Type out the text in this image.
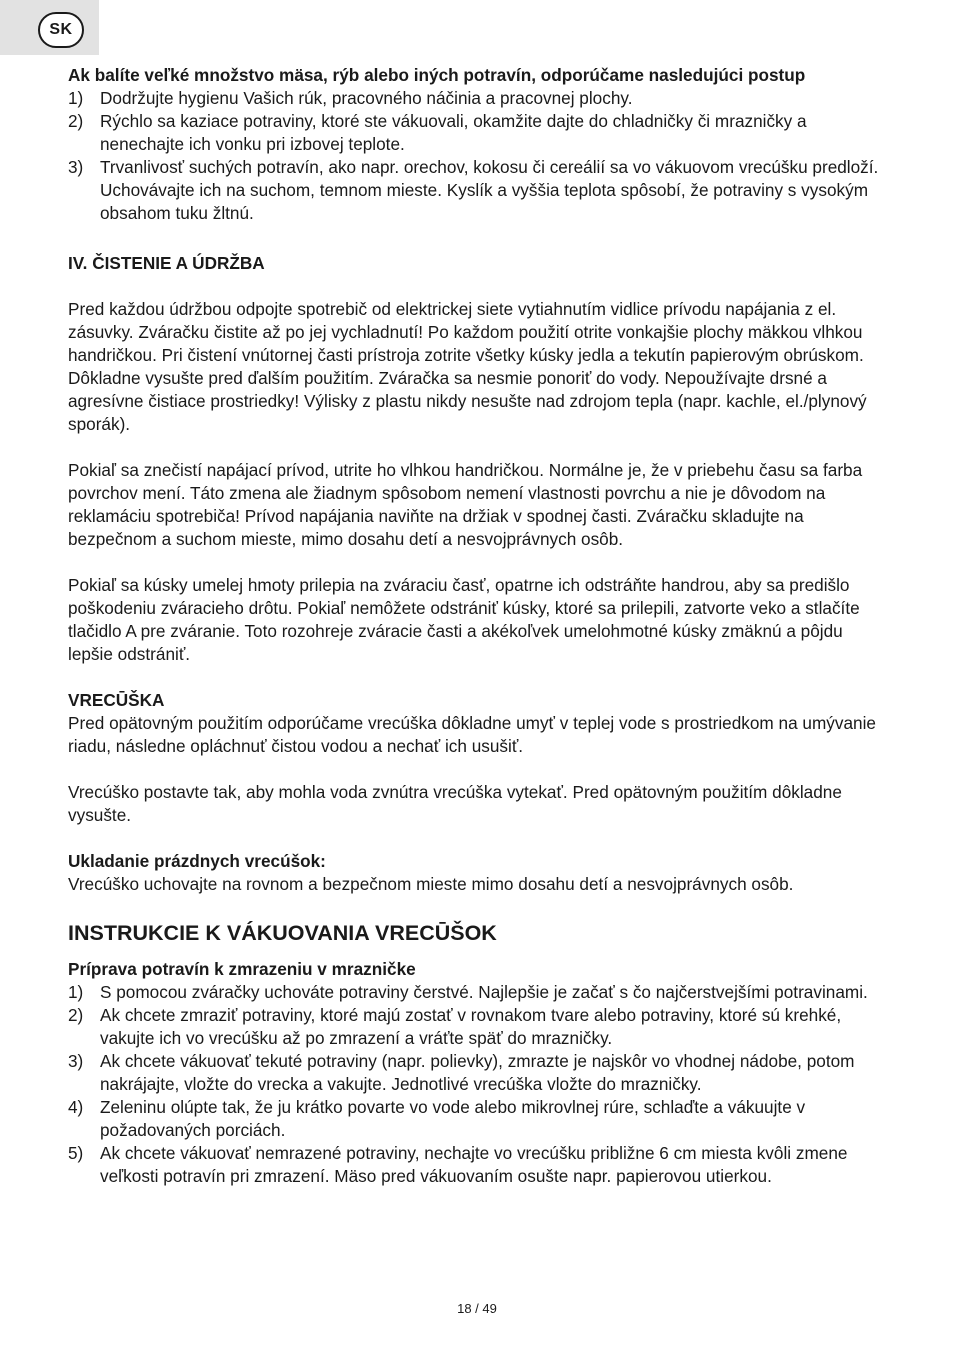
SK

Ak balíte veľké množstvo mäsa, rýb alebo iných potravín, odporúčame nasledujúci postup

1) Dodržujte hygienu Vašich rúk, pracovného náčinia a pracovnej plochy.
2) Rýchlo sa kaziace potraviny, ktoré ste vákuovali, okamžite dajte do chladničky či mrazničky a nenechajte ich vonku pri izbovej teplote.
3) Trvanlivosť suchých potravín, ako napr. orechov, kokosu či cereálií sa vo vákuovom vrecúšku predloží. Uchovávajte ich na suchom, temnom mieste. Kyslík a vyššia teplota spôsobí, že potraviny s vysokým obsahom tuku žltnú.

IV. ČISTENIE A ÚDRŽBA

Pred každou údržbou odpojte spotrebič od elektrickej siete vytiahnutím vidlice prívodu napájania z el. zásuvky. Zváračku čistite až po jej vychladnutí! Po každom použití otrite vonkajšie plochy mäkkou vlhkou handričkou. Pri čistení vnútornej časti prístroja zotrite všetky kúsky jedla a tekutín papierovým obrúskom. Dôkladne vysušte pred ďalším použitím. Zváračka sa nesmie ponoriť do vody. Nepoužívajte drsné a agresívne čistiace prostriedky! Výlisky z plastu nikdy nesušte nad zdrojom tepla (napr. kachle, el./plynový sporák).

Pokiaľ sa znečistí napájací prívod, utrite ho vlhkou handričkou. Normálne je, že v priebehu času sa farba povrchov mení. Táto zmena ale žiadnym spôsobom nemení vlastnosti povrchu a nie je dôvodom na reklamáciu spotrebiča! Prívod napájania naviňte na držiak v spodnej časti. Zváračku skladujte na bezpečnom a suchom mieste, mimo dosahu detí a nesvojprávnych osôb.

Pokiaľ sa kúsky umelej hmoty prilepia na zváraciu časť, opatrne ich odstráňte handrou, aby sa predišlo poškodeniu zváracieho drôtu. Pokiaľ nemôžete odstrániť kúsky, ktoré sa prilepili, zatvorte veko a stlačíte tlačidlo A pre zváranie. Toto rozohreje zváracie časti a akékoľvek umelohmotné kúsky zmäknú a pôjdu lepšie odstrániť.

VRECŪŠKA

Pred opätovným použitím odporúčame vrecúška dôkladne umyť v teplej vode s prostriedkom na umývanie riadu, následne opláchnuť čistou vodou a nechať ich usušiť.

Vrecúško postavte tak, aby mohla voda zvnútra vrecúška vytekať. Pred opätovným použitím dôkladne vysušte.

Ukladanie prázdnych vrecúšok:

Vrecúško uchovajte na rovnom a bezpečnom mieste mimo dosahu detí a nesvojprávnych osôb.

INSTRUKCIE K VÁKUOVANIA VRECŪŠOK

Príprava potravín k zmrazeniu v mrazničke

1) S pomocou zváračky uchováte potraviny čerstvé. Najlepšie je začať s čo najčerstvejšími potravinami.
2) Ak chcete zmraziť potraviny, ktoré majú zostať v rovnakom tvare alebo potraviny, ktoré sú krehké, vakujte ich vo vrecúšku až po zmrazení a vráťte späť do mrazničky.
3) Ak chcete vákuovať tekuté potraviny (napr. polievky), zmrazte je najskôr vo vhodnej nádobe, potom nakrájajte, vložte do vrecka a vakujte. Jednotlivé vrecúška vložte do mrazničky.
4) Zeleninu olúpte tak, že ju krátko povarte vo vode alebo mikrovlnej rúre, schlaďte a vákuujte v požadovaných porciách.
5) Ak chcete vákuovať nemrazené potraviny, nechajte vo vrecúšku približne 6 cm miesta kvôli zmene veľkosti potravín pri zmrazení. Mäso pred vákuovaním osušte napr. papierovou utierkou.
18 / 49
